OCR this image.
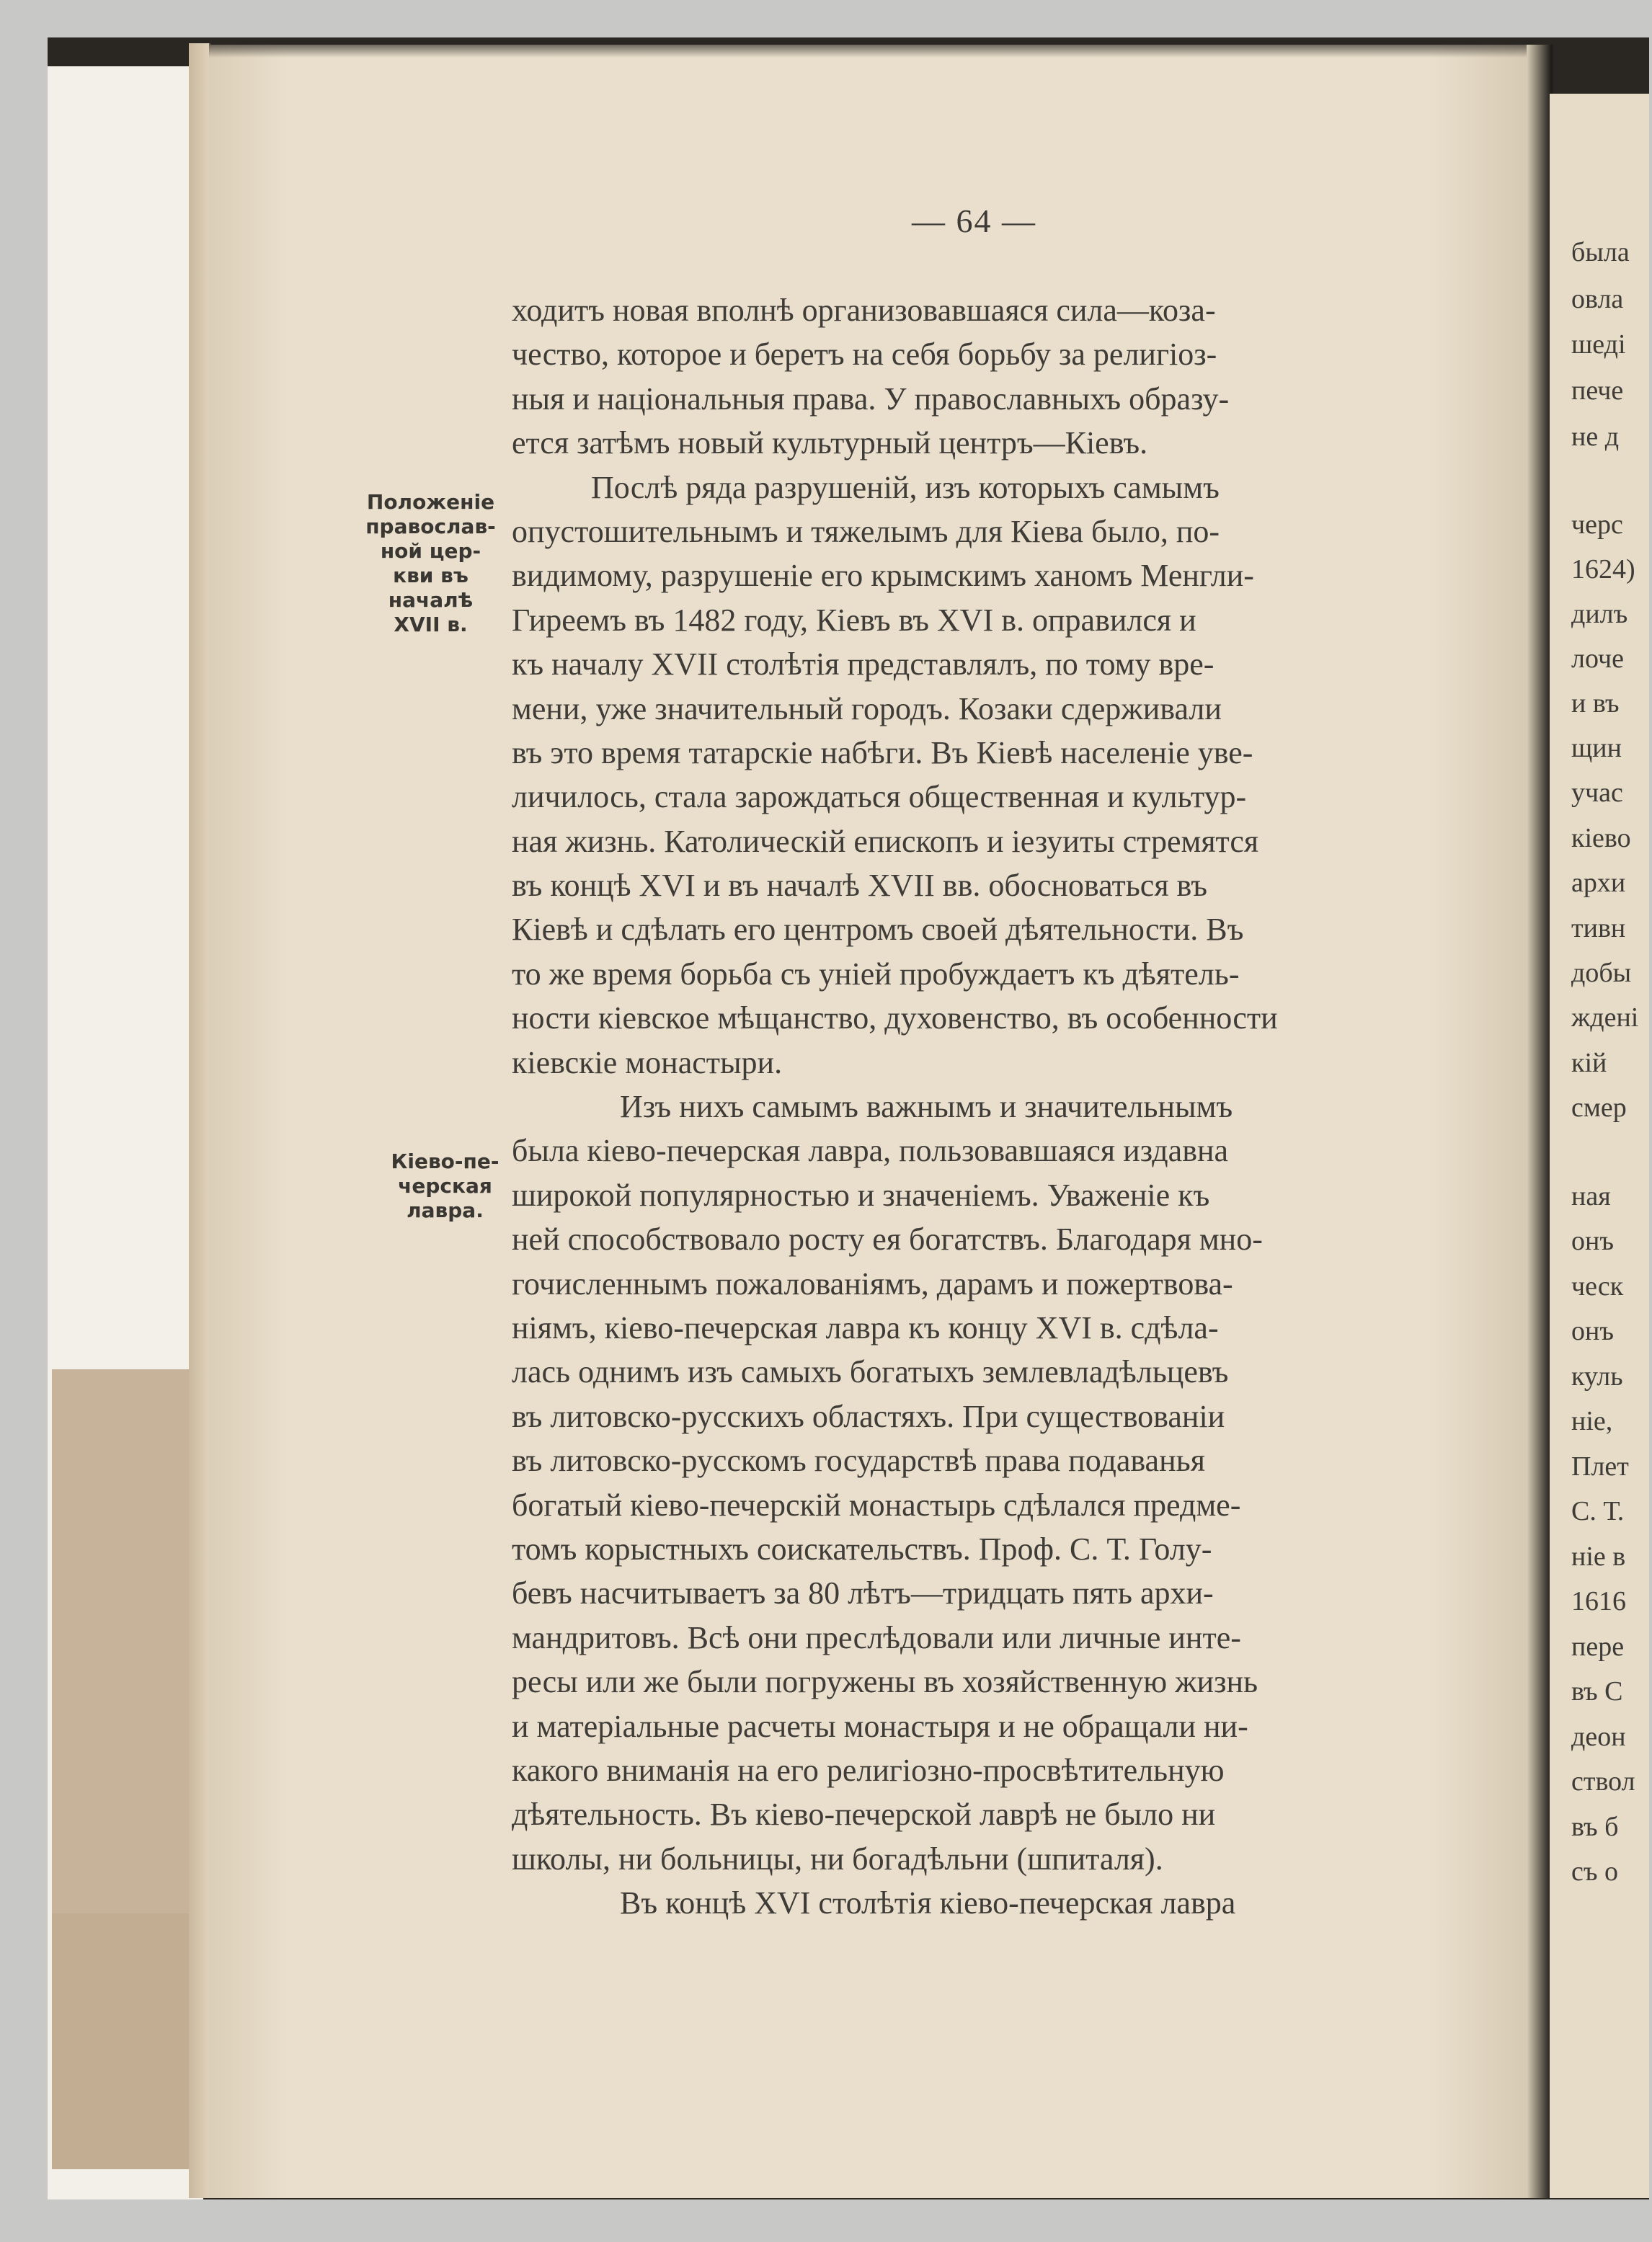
была
овла
шеді
пече
не д
черс
1624)
дилъ
лоче
и въ
щин
учас
кіево
архи
тивн
добы
ждені
кій
смер
ная
онъ
ческ
онъ
куль
ніе,
Плет
С. Т.
ніе в
1616
пере
въ С
деон
ствол
въ б
съ о
— 64 —
Положеніе
православ-
ной цер-
кви въ
началѣ
XVII в.
Кіево-пе-
черская
лавра.
ходитъ новая вполнѣ организовавшаяся сила—коза-
чество, которое и беретъ на себя борьбу за религіоз-
ныя и національныя права. У православныхъ образу-
ется затѣмъ новый культурный центръ—Кіевъ.
Послѣ ряда разрушеній, изъ которыхъ самымъ
опустошительнымъ и тяжелымъ для Кіева было, по-
видимому, разрушеніе его крымскимъ ханомъ Менгли-
Гиреемъ въ 1482 году, Кіевъ въ XVI в. оправился и
къ началу XVII столѣтія представлялъ, по тому вре-
мени, уже значительный городъ. Козаки сдерживали
въ это время татарскіе набѣги. Въ Кіевѣ населеніе уве-
личилось, стала зарождаться общественная и культур-
ная жизнь. Католическій епископъ и іезуиты стремятся
въ концѣ XVI и въ началѣ XVII вв. обосноваться въ
Кіевѣ и сдѣлать его центромъ своей дѣятельности. Въ
то же время борьба съ уніей пробуждаетъ къ дѣятель-
ности кіевское мѣщанство, духовенство, въ особенности
кіевскіе монастыри.
Изъ нихъ самымъ важнымъ и значительнымъ
была кіево-печерская лавра, пользовавшаяся издавна
широкой популярностью и значеніемъ. Уваженіе къ
ней способствовало росту ея богатствъ. Благодаря мно-
гочисленнымъ пожалованіямъ, дарамъ и пожертвова-
ніямъ, кіево-печерская лавра къ концу XVI в. сдѣла-
лась однимъ изъ самыхъ богатыхъ землевладѣльцевъ
въ литовско-русскихъ областяхъ. При существованіи
въ литовско-русскомъ государствѣ права подаванья
богатый кіево-печерскій монастырь сдѣлался предме-
томъ корыстныхъ соискательствъ. Проф. С. Т. Голу-
бевъ насчитываетъ за 80 лѣтъ—тридцать пять архи-
мандритовъ. Всѣ они преслѣдовали или личные инте-
ресы или же были погружены въ хозяйственную жизнь
и матеріальные расчеты монастыря и не обращали ни-
какого вниманія на его религіозно-просвѣтительную
дѣятельность. Въ кіево-печерской лаврѣ не было ни
школы, ни больницы, ни богадѣльни (шпиталя).
Въ концѣ XVI столѣтія кіево-печерская лавра
